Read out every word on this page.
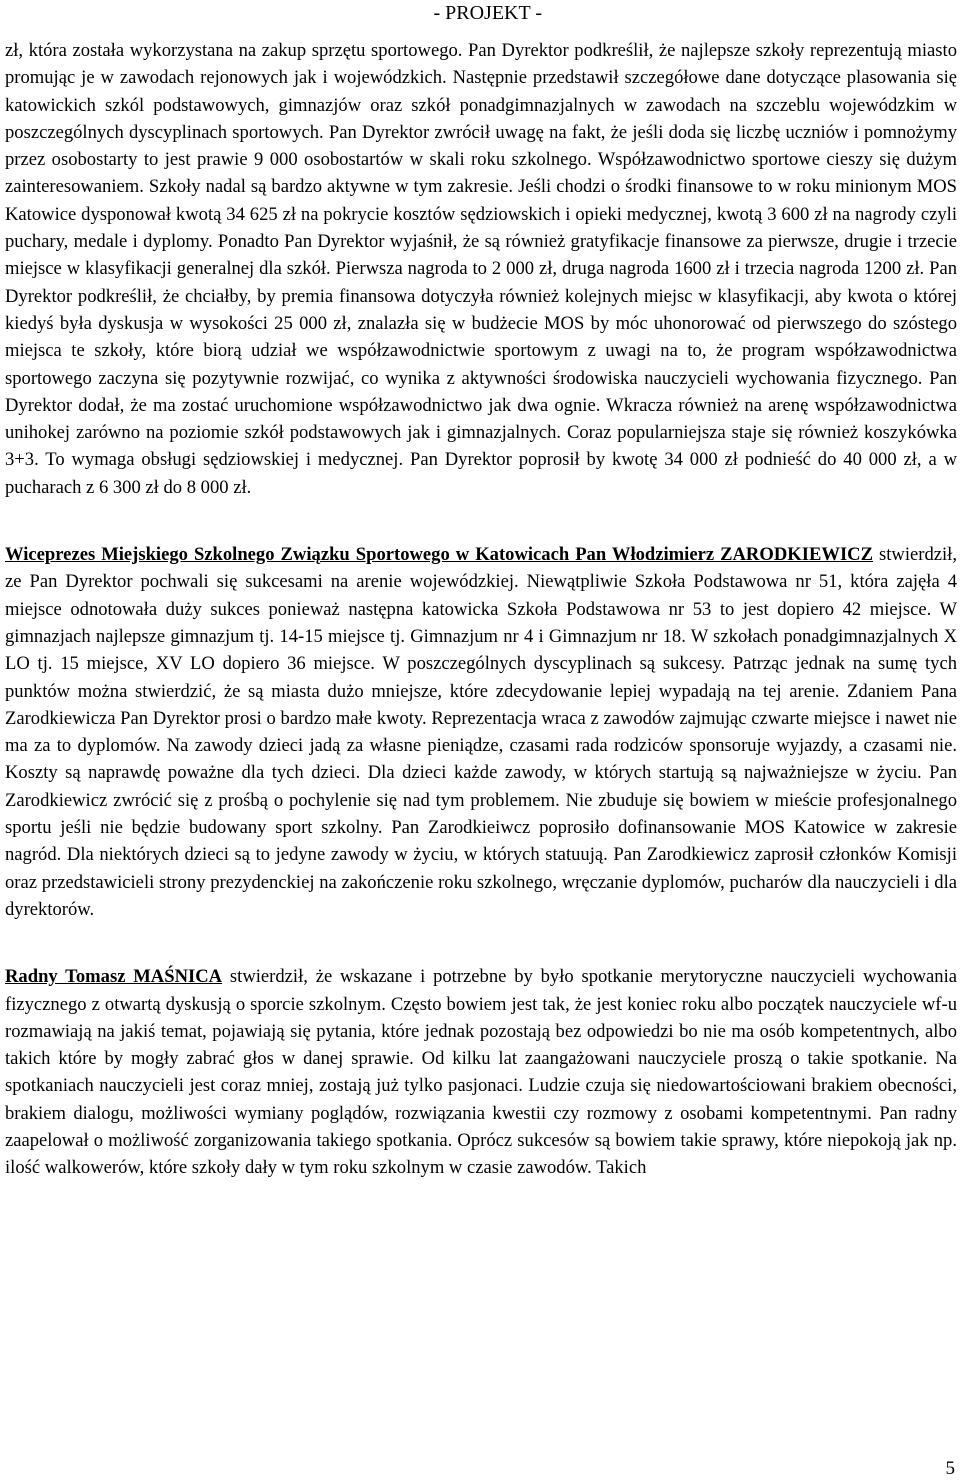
- PROJEKT -

zł, która została wykorzystana na zakup sprzętu sportowego. Pan Dyrektor podkreślił, że najlepsze szkoły reprezentują miasto promując je w zawodach rejonowych jak i wojewódzkich. Następnie przedstawił szczegółowe dane dotyczące plasowania się katowickich szkól podstawowych, gimnazjów oraz szkół ponadgimnazjalnych w zawodach na szczeblu wojewódzkim w poszczególnych dyscyplinach sportowych. Pan Dyrektor zwrócił uwagę na fakt, że jeśli doda się liczbę uczniów i pomnożymy przez osobostarty to jest prawie 9 000 osobostartów w skali roku szkolnego. Współzawodnictwo sportowe cieszy się dużym zainteresowaniem. Szkoły nadal są bardzo aktywne w tym zakresie. Jeśli chodzi o środki finansowe to w roku minionym MOS Katowice dysponował kwotą 34 625 zł na pokrycie kosztów sędziowskich i opieki medycznej, kwotą 3 600 zł na nagrody czyli puchary, medale i dyplomy. Ponadto Pan Dyrektor wyjaśnił, że są również gratyfikacje finansowe za pierwsze, drugie i trzecie miejsce w klasyfikacji generalnej dla szkół. Pierwsza nagroda to 2 000 zł, druga nagroda 1600 zł i trzecia nagroda 1200 zł. Pan Dyrektor podkreślił, że chciałby, by premia finansowa dotyczyła również kolejnych miejsc w klasyfikacji, aby kwota o której kiedyś była dyskusja w wysokości 25 000 zł, znalazła się w budżecie MOS by móc uhonorować od pierwszego do szóstego miejsca te szkoły, które biorą udział we współzawodnictwie sportowym z uwagi na to, że program współzawodnictwa sportowego zaczyna się pozytywnie rozwijać, co wynika z aktywności środowiska nauczycieli wychowania fizycznego. Pan Dyrektor dodał, że ma zostać uruchomione współzawodnictwo jak dwa ognie. Wkracza również na arenę współzawodnictwa unihokej zarówno na poziomie szkół podstawowych jak i gimnazjalnych. Coraz popularniejsza staje się również koszykówka 3+3. To wymaga obsługi sędziowskiej i medycznej. Pan Dyrektor poprosił by kwotę 34 000 zł podnieść do 40 000 zł, a w pucharach z 6 300 zł do 8 000 zł.

Wiceprezes Miejskiego Szkolnego Związku Sportowego w Katowicach Pan Włodzimierz ZARODKIEWICZ stwierdził, ze Pan Dyrektor pochwali się sukcesami na arenie wojewódzkiej. Niewątpliwie Szkoła Podstawowa nr 51, która zajęła 4 miejsce odnotowała duży sukces ponieważ następna katowicka Szkoła Podstawowa nr 53 to jest dopiero 42 miejsce. W gimnazjach najlepsze gimnazjum tj. 14-15 miejsce tj. Gimnazjum nr 4 i Gimnazjum nr 18. W szkołach ponadgimnazjalnych X LO tj. 15 miejsce, XV LO dopiero 36 miejsce. W poszczególnych dyscyplinach są sukcesy. Patrząc jednak na sumę tych punktów można stwierdzić, że są miasta dużo mniejsze, które zdecydowanie lepiej wypadają na tej arenie. Zdaniem Pana Zarodkiewicza Pan Dyrektor prosi o bardzo małe kwoty. Reprezentacja wraca z zawodów zajmując czwarte miejsce i nawet nie ma za to dyplomów. Na zawody dzieci jadą za własne pieniądze, czasami rada rodziców sponsoruje wyjazdy, a czasami nie. Koszty są naprawdę poważne dla tych dzieci. Dla dzieci każde zawody, w których startują są najważniejsze w życiu. Pan Zarodkiewicz zwrócić się z prośbą o pochylenie się nad tym problemem. Nie zbuduje się bowiem w mieście profesjonalnego sportu jeśli nie będzie budowany sport szkolny. Pan Zarodkieiwcz poprosiło dofinansowanie MOS Katowice w zakresie nagród. Dla niektórych dzieci są to jedyne zawody w życiu, w których statuują. Pan Zarodkiewicz zaprosił członków Komisji oraz przedstawicieli strony prezydenckiej na zakończenie roku szkolnego, wręczanie dyplomów, pucharów dla nauczycieli i dla dyrektorów.

Radny Tomasz MAŚNICA stwierdził, że wskazane i potrzebne by było spotkanie merytoryczne nauczycieli wychowania fizycznego z otwartą dyskusją o sporcie szkolnym. Często bowiem jest tak, że jest koniec roku albo początek nauczyciele wf-u rozmawiają na jakiś temat, pojawiają się pytania, które jednak pozostają bez odpowiedzi bo nie ma osób kompetentnych, albo takich które by mogły zabrać głos w danej sprawie. Od kilku lat zaangażowani nauczyciele proszą o takie spotkanie. Na spotkaniach nauczycieli jest coraz mniej, zostają już tylko pasjonaci. Ludzie czuja się niedowartościowani brakiem obecności, brakiem dialogu, możliwości wymiany poglądów, rozwiązania kwestii czy rozmowy z osobami kompetentnymi. Pan radny zaapelował o możliwość zorganizowania takiego spotkania. Oprócz sukcesów są bowiem takie sprawy, które niepokoją jak np. ilość walkowerów, które szkoły dały w tym roku szkolnym w czasie zawodów. Takich

5
